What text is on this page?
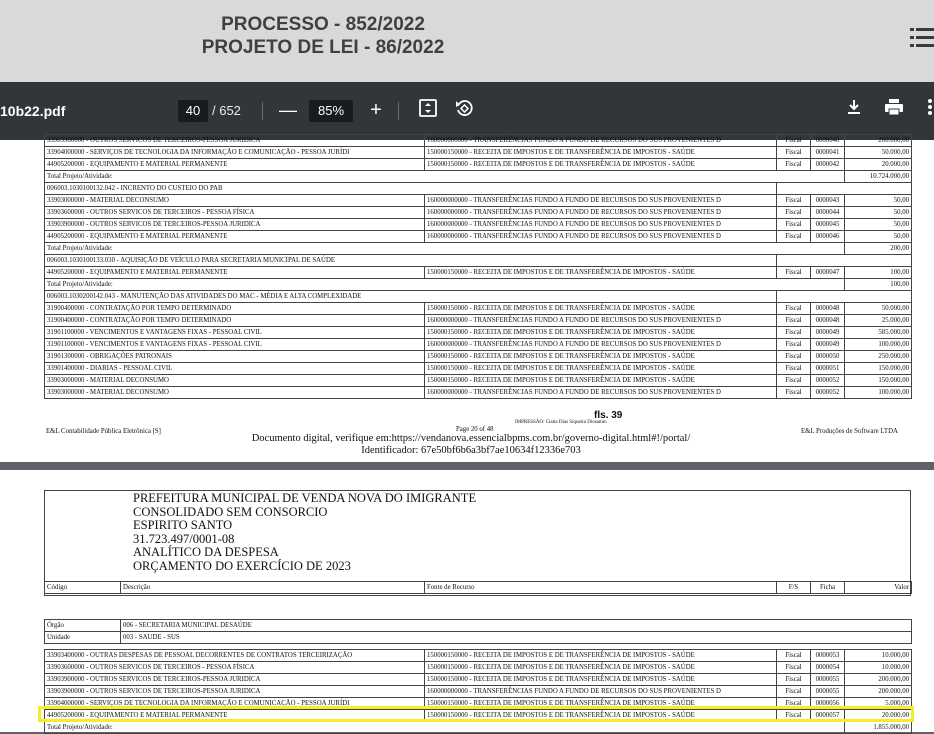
PROCESSO - 852/2022
PROJETO DE LEI - 86/2022
10b22.pdf	40 / 652 —	85%	+
33903900000 - OUTROS SERVICOS DE TERCEIROS-PESSOA JURIDICA	160000000000 - TRANSFERÊNCIAS FUNDO A FUNDO DE RECURSOS DO SUS PROVENIENTES D	Fiscal	0000040	200.000,00
33904000000 - SERVIÇOS DE TECNOLOGIA DA INFORMAÇÃO E COMUNICAÇÃO - PESSOA JURÍDI	150000150000 - RECEITA DE IMPOSTOS E DE TRANSFERÊNCIA DE IMPOSTOS - SAÚDE	Fiscal	0000041	50.000,00
44905200000 - EQUIPAMENTO E MATERIAL PERMANENTE	150000150000 - RECEITA DE IMPOSTOS E DE TRANSFERÊNCIA DE IMPOSTOS - SAÚDE	Fiscal	0000042	20.000,00
Total Projeto/Atividade:				10.724.000,00
006003.1030100132.042 - INCRENTO DO CUSTEIO DO PAB				
33903000000 - MATERIAL DECONSUMO	160000000000 - TRANSFERÊNCIAS FUNDO A FUNDO DE RECURSOS DO SUS PROVENIENTES D	Fiscal	0000043	50,00
33903600000 - OUTROS SERVICOS DE TERCEIROS - PESSOA FÍSICA	160000000000 - TRANSFERÊNCIAS FUNDO A FUNDO DE RECURSOS DO SUS PROVENIENTES D	Fiscal	0000044	50,00
33903900000 - OUTROS SERVICOS DE TERCEIROS-PESSOA JURIDICA	160000000000 - TRANSFERÊNCIAS FUNDO A FUNDO DE RECURSOS DO SUS PROVENIENTES D	Fiscal	0000045	50,00
44905200000 - EQUIPAMENTO E MATERIAL PERMANENTE	160000000000 - TRANSFERÊNCIAS FUNDO A FUNDO DE RECURSOS DO SUS PROVENIENTES D	Fiscal	0000046	50,00
Total Projeto/Atividade:				200,00
006003.1030100133.030 - AQUISIÇÃO DE VEÍCULO PARA SECRETARIA MUNICIPAL DE SAÚDE				
44905200000 - EQUIPAMENTO E MATERIAL PERMANENTE	150000150000 - RECEITA DE IMPOSTOS E DE TRANSFERÊNCIA DE IMPOSTOS - SAÚDE	Fiscal	0000047	100,00
Total Projeto/Atividade:				100,00
006003.1030200142.043 - MANUTENÇÃO DAS ATIVIDADES DO MAC - MÉDIA E ALTA COMPLEXIDADE				
31900400000 - CONTRATAÇÃO POR TEMPO DETERMINADO	150000150000 - RECEITA DE IMPOSTOS E DE TRANSFERÊNCIA DE IMPOSTOS - SAÚDE	Fiscal	0000048	50.000,00
31900400000 - CONTRATAÇÃO POR TEMPO DETERMINADO	160000000000 - TRANSFERÊNCIAS FUNDO A FUNDO DE RECURSOS DO SUS PROVENIENTES D	Fiscal	0000048	25.000,00
31901100000 - VENCIMENTOS E VANTAGENS FIXAS - PESSOAL CIVIL	150000150000 - RECEITA DE IMPOSTOS E DE TRANSFERÊNCIA DE IMPOSTOS - SAÚDE	Fiscal	0000049	585.000,00
31901100000 - VENCIMENTOS E VANTAGENS FIXAS - PESSOAL CIVIL	160000000000 - TRANSFERÊNCIAS FUNDO A FUNDO DE RECURSOS DO SUS PROVENIENTES D	Fiscal	0000049	100.000,00
31901300000 - OBRIGAÇÕES PATRONAIS	150000150000 - RECEITA DE IMPOSTOS E DE TRANSFERÊNCIA DE IMPOSTOS - SAÚDE	Fiscal	0000050	250.000,00
33901400000 - DIARIAS - PESSOAL CIVIL	150000150000 - RECEITA DE IMPOSTOS E DE TRANSFERÊNCIA DE IMPOSTOS - SAÚDE	Fiscal	0000051	150.000,00
33903000000 - MATERIAL DECONSUMO	150000150000 - RECEITA DE IMPOSTOS E DE TRANSFERÊNCIA DE IMPOSTOS - SAÚDE	Fiscal	0000052	150.000,00
33903000000 - MATERIAL DECONSUMO	160000000000 - TRANSFERÊNCIAS FUNDO A FUNDO DE RECURSOS DO SUS PROVENIENTES D	Fiscal	0000052	100.000,00
E&L Contabilidade Pública Eletrônica [S]	Page 20 of 48
fls. 39
IMPRESSÃO: Ciatia Dias Siqueira Diosamio
E&L Produções de Software LTDA
Documento digital, verifique em:https://vendanova.essencialbpms.com.br/governo-digital.html#!/portal/
Identificador: 67e50bf6b6a3bf7ae10634f12336e703
PREFEITURA MUNICIPAL DE VENDA NOVA DO IMIGRANTE
CONSOLIDADO SEM CONSORCIO
ESPIRITO SANTO
31.723.497/0001-08
ANALÍTICO DA DESPESA
ORÇAMENTO DO EXERCÍCIO DE 2023
Código	Descrição	Fonte de Recurso	F/S	Ficha	Valor
Órgão	006 - SECRETARIA MUNICIPAL DESAÚDE
Unidade	003 - SAUDE - SUS
33903400000 - OUTRAS DESPESAS DE PESSOAL DECORRENTES DE CONTRATOS TERCEIRIZAÇÃO	150000150000 - RECEITA DE IMPOSTOS E DE TRANSFERÊNCIA DE IMPOSTOS - SAÚDE	Fiscal	0000053	10.000,00
33903600000 - OUTROS SERVICOS DE TERCEIROS - PESSOA FÍSICA	150000150000 - RECEITA DE IMPOSTOS E DE TRANSFERÊNCIA DE IMPOSTOS - SAÚDE	Fiscal	0000054	10.000,00
33903900000 - OUTROS SERVICOS DE TERCEIROS-PESSOA JURIDICA	150000150000 - RECEITA DE IMPOSTOS E DE TRANSFERÊNCIA DE IMPOSTOS - SAÚDE	Fiscal	0000055	200.000,00
33903900000 - OUTROS SERVICOS DE TERCEIROS-PESSOA JURIDICA	160000000000 - TRANSFERÊNCIAS FUNDO A FUNDO DE RECURSOS DO SUS PROVENIENTES D	Fiscal	0000055	200.000,00
33904000000 - SERVIÇOS DE TECNOLOGIA DA INFORMAÇÃO E COMUNICAÇÃO - PESSOA JURÍDI	150000150000 - RECEITA DE IMPOSTOS E DE TRANSFERÊNCIA DE IMPOSTOS - SAÚDE	Fiscal	0000056	5.000,00
44905200000 - EQUIPAMENTO E MATERIAL PERMANENTE	150000150000 - RECEITA DE IMPOSTOS E DE TRANSFERÊNCIA DE IMPOSTOS - SAÚDE	Fiscal	0000057	20.000,00
Total Projeto/Atividade:				1.855.000,00
